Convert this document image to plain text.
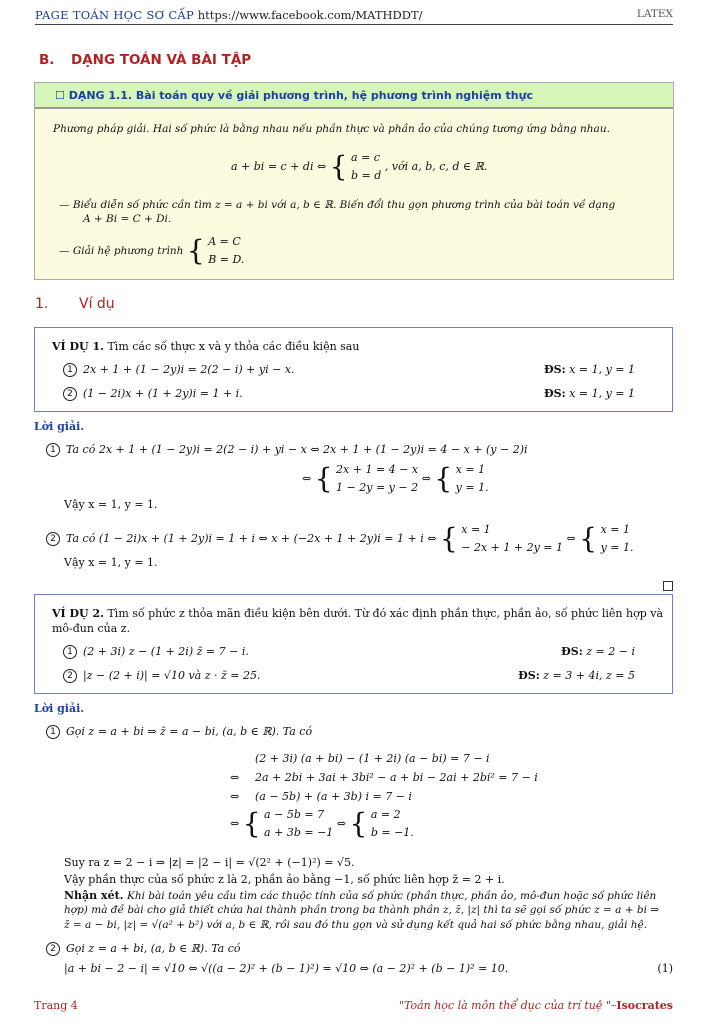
PAGE TOÁN HỌC SƠ CẤP https://www.facebook.com/MATHDDT/	LATEX
B. DẠNG TOÁN VÀ BÀI TẬP
☐ DẠNG 1.1. Bài toán quy về giải phương trình, hệ phương trình nghiệm thực
Phương pháp giải. Hai số phức là bằng nhau nếu phần thực và phần ảo của chúng tương ứng bằng nhau.
a + bi = c + di ⇔ { a = c
b = d , với a, b, c, d ∈ ℝ.
— Biểu diễn số phức cần tìm z = a + bi với a, b ∈ ℝ. Biến đổi thu gọn phương trình của bài toán về dạng
A + Bi = C + Di.
— Giải hệ phương trình { A = C
B = D.
1. Ví dụ
VÍ DỤ 1. Tìm các số thực x và y thỏa các điều kiện sau
1 2x + 1 + (1 − 2y)i = 2(2 − i) + yi − x.	ĐS: x = 1, y = 1
2 (1 − 2i)x + (1 + 2y)i = 1 + i.	ĐS: x = 1, y = 1
Lời giải.
1 Ta có 2x + 1 + (1 − 2y)i = 2(2 − i) + yi − x ⇔ 2x + 1 + (1 − 2y)i = 4 − x + (y − 2)i
⇔ { 2x + 1 = 4 − x
1 − 2y = y − 2 ⇔ { x = 1
y = 1.
Vậy x = 1, y = 1.
2 Ta có (1 − 2i)x + (1 + 2y)i = 1 + i ⇔ x + (−2x + 1 + 2y)i = 1 + i ⇔ { x = 1
− 2x + 1 + 2y = 1 ⇔ { x = 1
y = 1.
Vậy x = 1, y = 1.
VÍ DỤ 2. Tìm số phức z thỏa mãn điều kiện bên dưới. Từ đó xác định phần thực, phần ảo, số phức liên hợp và
mô-đun của z.
1 (2 + 3i) z − (1 + 2i) z̄ = 7 − i.	ĐS: z = 2 − i
2 |z − (2 + i)| = √10 và z · z̄ = 25.	ĐS: z = 3 + 4i, z = 5
Lời giải.
1 Gọi z = a + bi ⇒ z̄ = a − bi, (a, b ∈ ℝ). Ta có
(2 + 3i) (a + bi) − (1 + 2i) (a − bi) = 7 − i
⇔ 2a + 2bi + 3ai + 3bi² − a + bi − 2ai + 2bi² = 7 − i
⇔ (a − 5b) + (a + 3b) i = 7 − i
⇔ { a − 5b = 7
a + 3b = −1 ⇔ { a = 2
b = −1.
Suy ra z = 2 − i ⇒ |z| = |2 − i| = √(2² + (−1)²) = √5.
Vậy phần thực của số phức z là 2, phần ảo bằng −1, số phức liên hợp z̄ = 2 + i.
Nhận xét. Khi bài toán yêu cầu tìm các thuộc tính của số phức (phần thực, phần ảo, mô-đun hoặc số phức liên
hợp) mà đề bài cho giả thiết chứa hai thành phần trong ba thành phần z, z̄, |z| thì ta sẽ gọi số phức z = a + bi ⇒
z̄ = a − bi, |z| = √(a² + b²) với a, b ∈ ℝ, rồi sau đó thu gọn và sử dụng kết quả hai số phức bằng nhau, giải hệ.
2 Gọi z = a + bi, (a, b ∈ ℝ). Ta có
|a + bi − 2 − i| = √10 ⇔ √((a − 2)² + (b − 1)²) = √10 ⇔ (a − 2)² + (b − 1)² = 10.	(1)
Trang 4	"Toán học là môn thể dục của trí tuệ "–Isocrates
